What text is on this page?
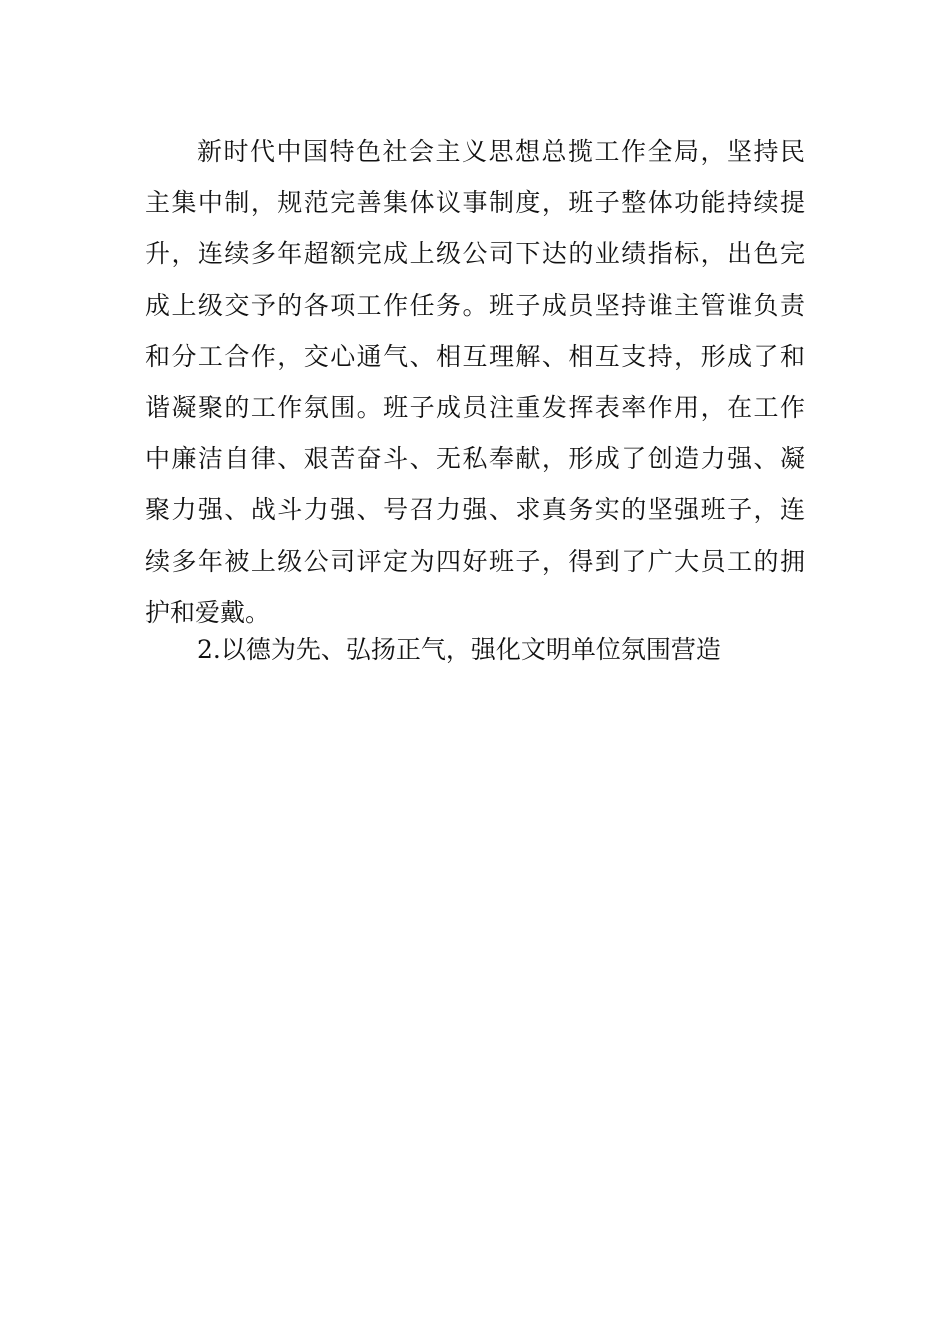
新时代中国特色社会主义思想总揽工作全局，坚持民
主集中制，规范完善集体议事制度，班子整体功能持续提
升，连续多年超额完成上级公司下达的业绩指标，出色完
成上级交予的各项工作任务。班子成员坚持谁主管谁负责
和分工合作，交心通气、相互理解、相互支持，形成了和
谐凝聚的工作氛围。班子成员注重发挥表率作用，在工作
中廉洁自律、艰苦奋斗、无私奉献，形成了创造力强、凝
聚力强、战斗力强、号召力强、求真务实的坚强班子，连
续多年被上级公司评定为四好班子，得到了广大员工的拥
护和爱戴。
2.以德为先、弘扬正气，强化文明单位氛围营造
